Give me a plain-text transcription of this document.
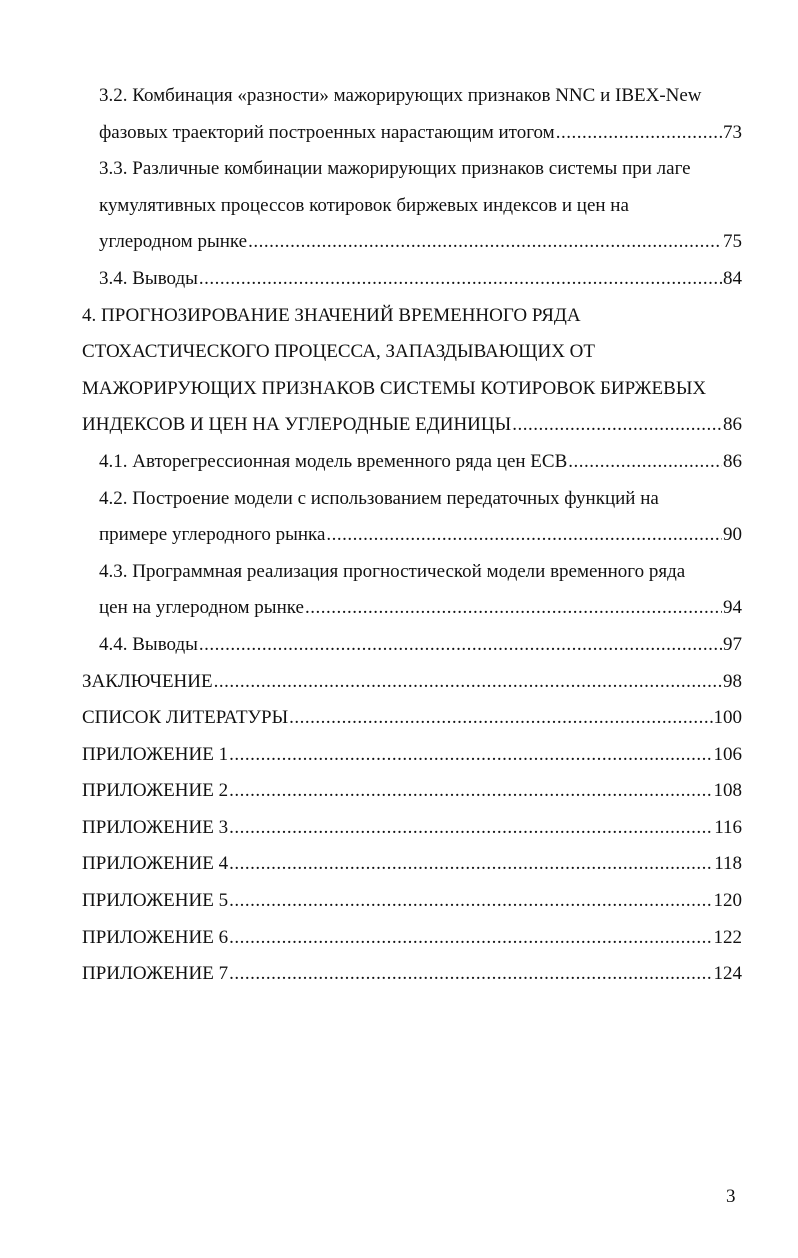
3.2. Комбинация «разности» мажорирующих признаков NNC и IBEX-New
фазовых траекторий построенных нарастающим итогом .....	73
3.3. Различные комбинации мажорирующих признаков системы при лаге
кумулятивных процессов котировок биржевых индексов и цен на
углеродном рынке .....	75
3.4. Выводы .....	84
4. ПРОГНОЗИРОВАНИЕ ЗНАЧЕНИЙ ВРЕМЕННОГО РЯДА
СТОХАСТИЧЕСКОГО ПРОЦЕССА, ЗАПАЗДЫВАЮЩИХ ОТ
МАЖОРИРУЮЩИХ ПРИЗНАКОВ СИСТЕМЫ КОТИРОВОК БИРЖЕВЫХ
ИНДЕКСОВ И ЦЕН НА УГЛЕРОДНЫЕ ЕДИНИЦЫ .....	86
4.1. Авторегрессионная модель временного ряда цен ECB .....	86
4.2. Построение модели с использованием передаточных функций на
примере углеродного рынка .....	90
4.3. Программная реализация прогностической модели временного ряда
цен на углеродном рынке .....	94
4.4. Выводы .....	97
ЗАКЛЮЧЕНИЕ .....	98
СПИСОК ЛИТЕРАТУРЫ .....	100
ПРИЛОЖЕНИЕ 1 .....	106
ПРИЛОЖЕНИЕ 2 .....	108
ПРИЛОЖЕНИЕ 3 .....	116
ПРИЛОЖЕНИЕ 4 .....	118
ПРИЛОЖЕНИЕ 5 .....	120
ПРИЛОЖЕНИЕ 6 .....	122
ПРИЛОЖЕНИЕ 7 .....	124
3
